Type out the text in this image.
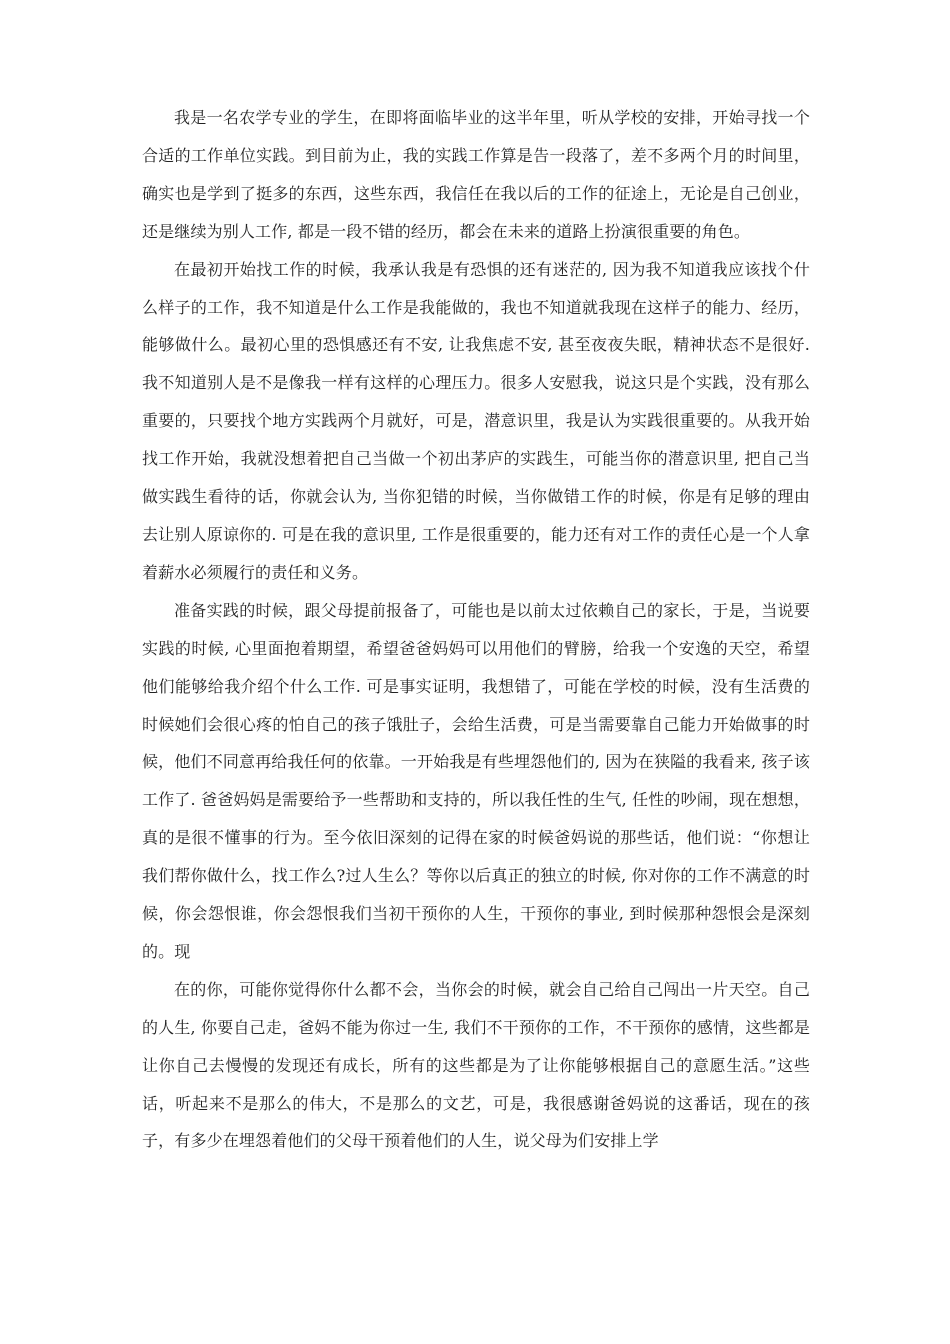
我是一名农学专业的学生，在即将面临毕业的这半年里，听从学校的安排，开始寻找一个合适的工作单位实践。到目前为止，我的实践工作算是告一段落了，差不多两个月的时间里，确实也是学到了挺多的东西，这些东西，我信任在我以后的工作的征途上，无论是自己创业，还是继续为别人工作, 都是一段不错的经历，都会在未来的道路上扮演很重要的角色。

在最初开始找工作的时候，我承认我是有恐惧的还有迷茫的, 因为我不知道我应该找个什么样子的工作，我不知道是什么工作是我能做的，我也不知道就我现在这样子的能力、经历，能够做什么。最初心里的恐惧感还有不安, 让我焦虑不安, 甚至夜夜失眠，精神状态不是很好. 我不知道别人是不是像我一样有这样的心理压力。很多人安慰我，说这只是个实践，没有那么重要的，只要找个地方实践两个月就好，可是，潜意识里，我是认为实践很重要的。从我开始找工作开始，我就没想着把自己当做一个初出茅庐的实践生，可能当你的潜意识里, 把自己当做实践生看待的话，你就会认为, 当你犯错的时候，当你做错工作的时候，你是有足够的理由去让别人原谅你的. 可是在我的意识里, 工作是很重要的，能力还有对工作的责任心是一个人拿着薪水必须履行的责任和义务。

准备实践的时候，跟父母提前报备了，可能也是以前太过依赖自己的家长，于是，当说要实践的时候, 心里面抱着期望，希望爸爸妈妈可以用他们的臂膀，给我一个安逸的天空，希望他们能够给我介绍个什么工作. 可是事实证明，我想错了，可能在学校的时候，没有生活费的时候她们会很心疼的怕自己的孩子饿肚子，会给生活费，可是当需要靠自己能力开始做事的时候，他们不同意再给我任何的依靠。一开始我是有些埋怨他们的, 因为在狭隘的我看来, 孩子该工作了. 爸爸妈妈是需要给予一些帮助和支持的，所以我任性的生气, 任性的吵闹，现在想想，真的是很不懂事的行为。至今依旧深刻的记得在家的时候爸妈说的那些话，他们说：“你想让我们帮你做什么，找工作么?过人生么？等你以后真正的独立的时候, 你对你的工作不满意的时候，你会怨恨谁，你会怨恨我们当初干预你的人生，干预你的事业, 到时候那种怨恨会是深刻的。现

在的你，可能你觉得你什么都不会，当你会的时候，就会自己给自己闯出一片天空。自己的人生, 你要自己走，爸妈不能为你过一生, 我们不干预你的工作，不干预你的感情，这些都是让你自己去慢慢的发现还有成长，所有的这些都是为了让你能够根据自己的意愿生活。”这些话，听起来不是那么的伟大，不是那么的文艺，可是，我很感谢爸妈说的这番话，现在的孩子，有多少在埋怨着他们的父母干预着他们的人生，说父母为们安排上学
